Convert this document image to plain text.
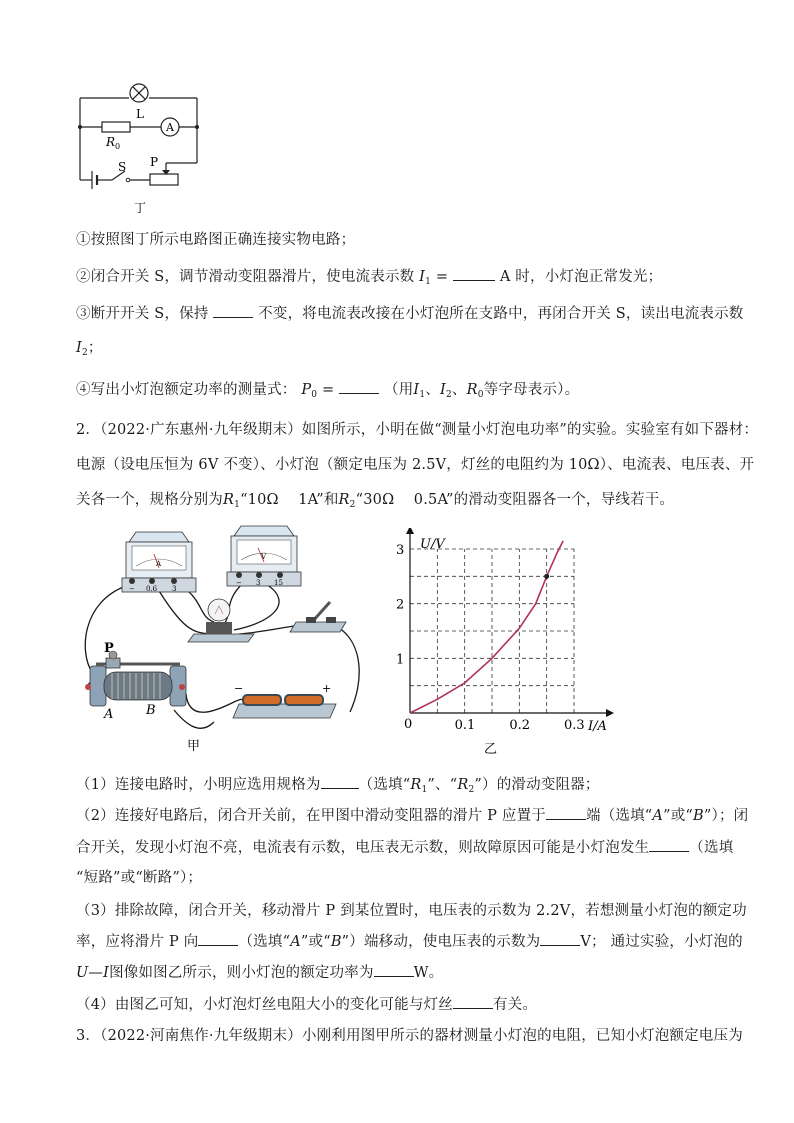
L
A
R 0
S P
丁
①按照图丁所示电路图正确连接实物电路；
②闭合开关 S，调节滑动变阻器滑片，使电流表示数 $I_1$ =	A 时，小灯泡正常发光；
③断开开关 S，保持	不变，将电流表改接在小灯泡所在支路中，再闭合开关 S，读出电流表示数
$I_2$；
④写出小灯泡额定功率的测量式： $P_0$ =	（用$I_1$、$I_2$、$R_0$等字母表示）。
2．（2022·广东惠州·九年级期末）如图所示，小明在做“测量小灯泡电功率”的实验。实验室有如下器材：
电源（设电压恒为 6V 不变）、小灯泡（额定电压为 2.5V，灯丝的电阻约为 10Ω）、电流表、电压表、开
关各一个，规格分别为$R_1“10\Omega$　 1A”和$R_2“30\Omega$　 0.5A”的滑动变阻器各一个，导线若干。
A
− 0.6 3
V
− 3 15
P
A	B
−	+
甲
0.1	0.2	0.3
1
2
3 U/V
I/A
0
乙
（1）连接电路时，小明应选用规格为	（选填“$R_1$”、“$R_2$”）的滑动变阻器；
（2）连接好电路后，闭合开关前，在甲图中滑动变阻器的滑片 P 应置于	端（选填“A”或“B”）；闭
合开关，发现小灯泡不亮，电流表有示数，电压表无示数，则故障原因可能是小灯泡发生	（选填
“短路”或“断路”）；
（3）排除故障，闭合开关，移动滑片 P 到某位置时，电压表的示数为 2.2V，若想测量小灯泡的额定功
率，应将滑片 P 向	（选填“A”或“B”）端移动，使电压表的示数为	V； 通过实验，小灯泡的
U—I图像如图乙所示，则小灯泡的额定功率为	W。
（4）由图乙可知，小灯泡灯丝电阻大小的变化可能与灯丝	有关。
3．（2022·河南焦作·九年级期末）小刚利用图甲所示的器材测量小灯泡的电阻，已知小灯泡额定电压为
